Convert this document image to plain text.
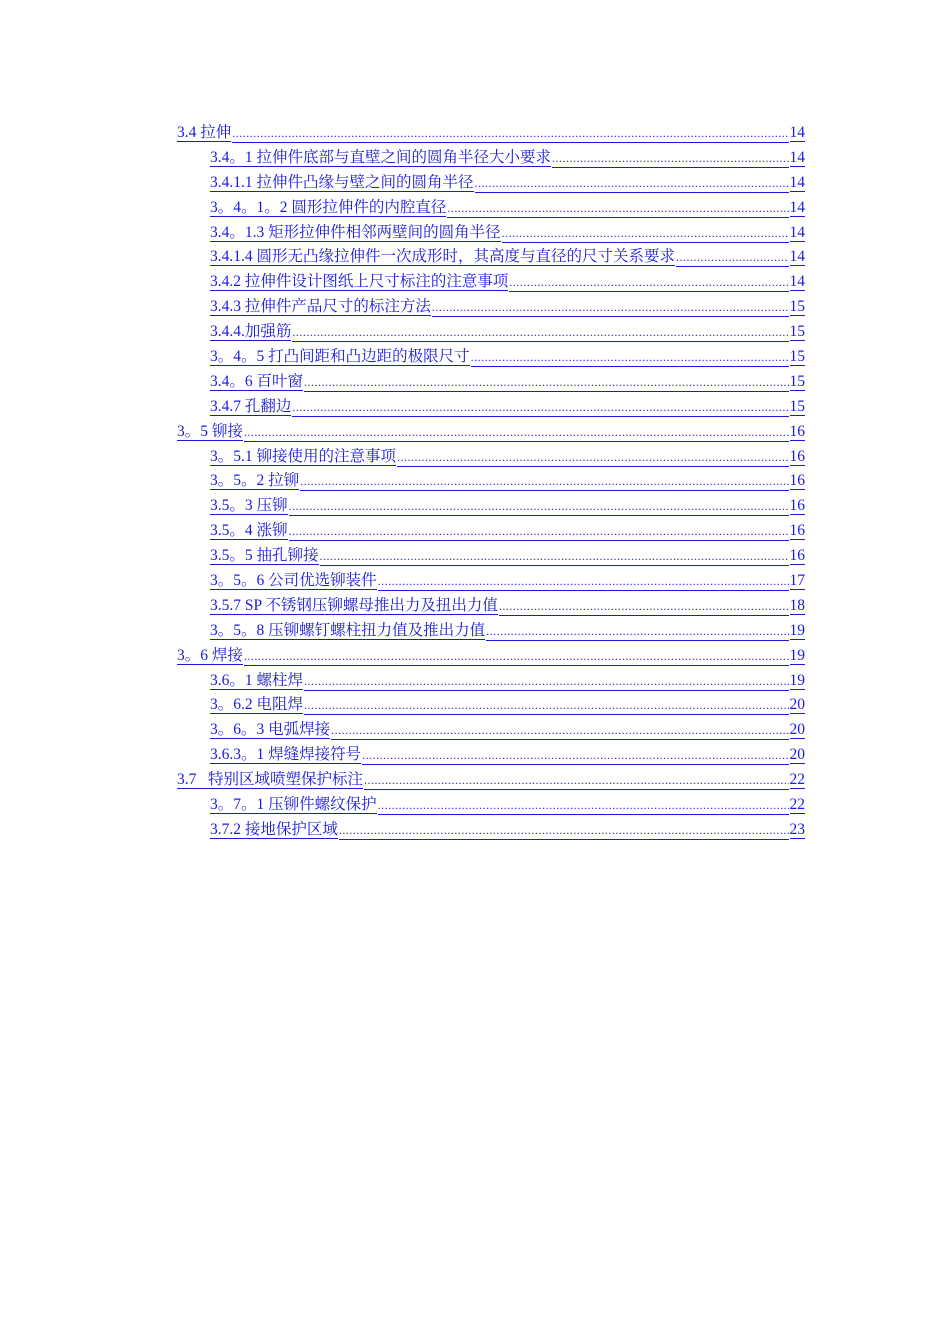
3.4 拉伸 .....	14
3.4。1 拉伸件底部与直壁之间的圆角半径大小要求 .....	14
3.4.1.1 拉伸件凸缘与壁之间的圆角半径 .....	14
3。4。1。2 圆形拉伸件的内腔直径 .....	14
3.4。1.3 矩形拉伸件相邻两壁间的圆角半径 .....	14
3.4.1.4 圆形无凸缘拉伸件一次成形时，其高度与直径的尺寸关系要求 .....	14
3.4.2 拉伸件设计图纸上尺寸标注的注意事项 .....	14
3.4.3 拉伸件产品尺寸的标注方法 .....	15
3.4.4.加强筋 .....	15
3。4。5 打凸间距和凸边距的极限尺寸 .....	15
3.4。6 百叶窗 .....	15
3.4.7 孔翻边 .....	15
3。5 铆接 .....	16
3。5.1 铆接使用的注意事项 .....	16
3。5。2 拉铆 .....	16
3.5。3 压铆 .....	16
3.5。4 涨铆 .....	16
3.5。5 抽孔铆接 .....	16
3。5。6 公司优选铆装件 .....	17
3.5.7 SP 不锈钢压铆螺母推出力及扭出力值 .....	18
3。5。8 压铆螺钉螺柱扭力值及推出力值 .....	19
3。6 焊接 .....	19
3.6。1 螺柱焊 .....	19
3。6.2 电阻焊 .....	20
3。6。3 电弧焊接 .....	20
3.6.3。1 焊缝焊接符号 .....	20
3.7   特别区域喷塑保护标注 .....	22
3。7。1 压铆件螺纹保护 .....	22
3.7.2 接地保护区域 .....	23
